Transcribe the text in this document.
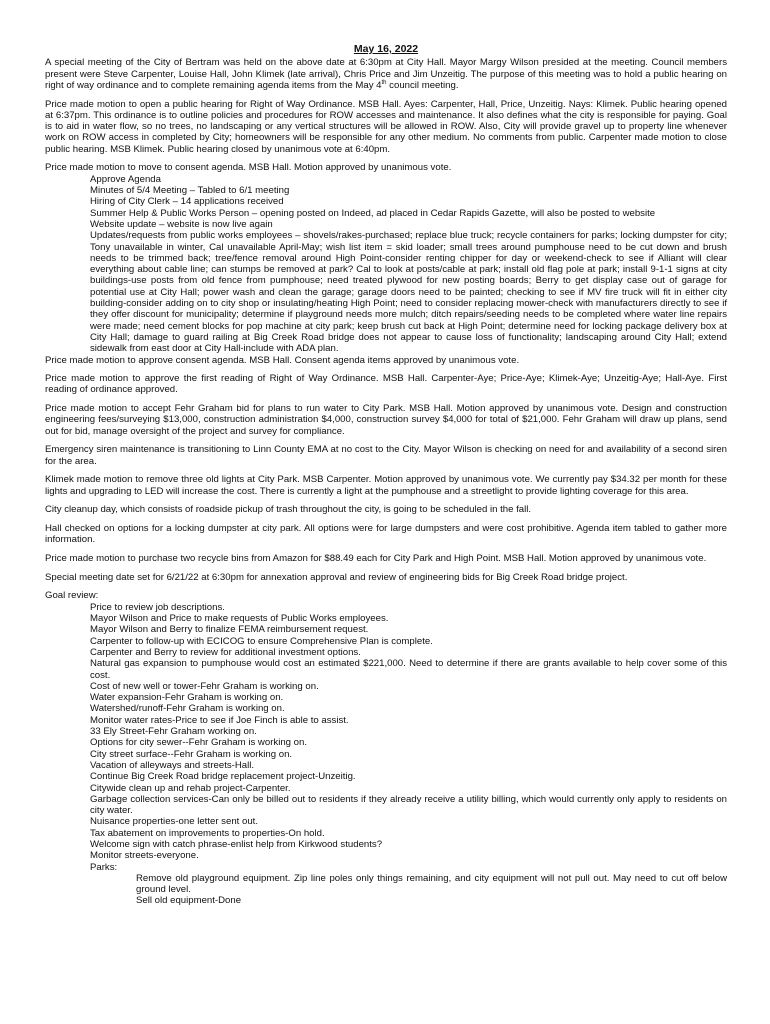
May 16, 2022

A special meeting of the City of Bertram was held on the above date at 6:30pm at City Hall. Mayor Margy Wilson presided at the meeting. Council members present were Steve Carpenter, Louise Hall, John Klimek (late arrival), Chris Price and Jim Unzeitig. The purpose of this meeting was to hold a public hearing on right of way ordinance and to complete remaining agenda items from the May 4th council meeting.

Price made motion to open a public hearing for Right of Way Ordinance. MSB Hall. Ayes: Carpenter, Hall, Price, Unzeitig. Nays: Klimek. Public hearing opened at 6:37pm. This ordinance is to outline policies and procedures for ROW accesses and maintenance. It also defines what the city is responsible for paying. Goal is to aid in water flow, so no trees, no landscaping or any vertical structures will be allowed in ROW. Also, City will provide gravel up to property line whenever work on ROW access in completed by City; homeowners will be responsible for any other medium. No comments from public. Carpenter made motion to close public hearing. MSB Klimek. Public hearing closed by unanimous vote at 6:40pm.

Price made motion to move to consent agenda. MSB Hall. Motion approved by unanimous vote.

Approve Agenda
Minutes of 5/4 Meeting – Tabled to 6/1 meeting
Hiring of City Clerk – 14 applications received
Summer Help & Public Works Person – opening posted on Indeed, ad placed in Cedar Rapids Gazette, will also be posted to website
Website update – website is now live again
Updates/requests from public works employees – shovels/rakes-purchased; replace blue truck; recycle containers for parks; locking dumpster for city; Tony unavailable in winter, Cal unavailable April-May; wish list item = skid loader; small trees around pumphouse need to be cut down and brush needs to be trimmed back; tree/fence removal around High Point-consider renting chipper for day or weekend-check to see if Alliant will clear everything about cable line; can stumps be removed at park? Cal to look at posts/cable at park; install old flag pole at park; install 9-1-1 signs at city buildings-use posts from old fence from pumphouse; need treated plywood for new posting boards; Berry to get display case out of garage for potential use at City Hall; power wash and clean the garage; garage doors need to be painted; checking to see if MV fire truck will fit in either city building-consider adding on to city shop or insulating/heating High Point; need to consider replacing mower-check with manufacturers directly to see if they offer discount for municipality; determine if playground needs more mulch; ditch repairs/seeding needs to be completed where water line repairs were made; need cement blocks for pop machine at city park; keep brush cut back at High Point; determine need for locking package delivery box at City Hall; damage to guard railing at Big Creek Road bridge does not appear to cause loss of functionality; landscaping around City Hall; extend sidewalk from east door at City Hall-include with ADA plan.

Price made motion to approve consent agenda. MSB Hall. Consent agenda items approved by unanimous vote.

Price made motion to approve the first reading of Right of Way Ordinance. MSB Hall. Carpenter-Aye; Price-Aye; Klimek-Aye; Unzeitig-Aye; Hall-Aye. First reading of ordinance approved.

Price made motion to accept Fehr Graham bid for plans to run water to City Park. MSB Hall. Motion approved by unanimous vote. Design and construction engineering fees/surveying $13,000, construction administration $4,000, construction survey $4,000 for total of $21,000. Fehr Graham will draw up plans, send out for bid, manage oversight of the project and survey for compliance.

Emergency siren maintenance is transitioning to Linn County EMA at no cost to the City. Mayor Wilson is checking on need for and availability of a second siren for the area.

Klimek made motion to remove three old lights at City Park. MSB Carpenter. Motion approved by unanimous vote. We currently pay $34.32 per month for these lights and upgrading to LED will increase the cost. There is currently a light at the pumphouse and a streetlight to provide lighting coverage for this area.

City cleanup day, which consists of roadside pickup of trash throughout the city, is going to be scheduled in the fall.

Hall checked on options for a locking dumpster at city park. All options were for large dumpsters and were cost prohibitive. Agenda item tabled to gather more information.

Price made motion to purchase two recycle bins from Amazon for $88.49 each for City Park and High Point. MSB Hall. Motion approved by unanimous vote.

Special meeting date set for 6/21/22 at 6:30pm for annexation approval and review of engineering bids for Big Creek Road bridge project.

Goal review:

Price to review job descriptions.
Mayor Wilson and Price to make requests of Public Works employees.
Mayor Wilson and Berry to finalize FEMA reimbursement request.
Carpenter to follow-up with ECICOG to ensure Comprehensive Plan is complete.
Carpenter and Berry to review for additional investment options.
Natural gas expansion to pumphouse would cost an estimated $221,000. Need to determine if there are grants available to help cover some of this cost.
Cost of new well or tower-Fehr Graham is working on.
Water expansion-Fehr Graham is working on.
Watershed/runoff-Fehr Graham is working on.
Monitor water rates-Price to see if Joe Finch is able to assist.
33 Ely Street-Fehr Graham working on.
Options for city sewer--Fehr Graham is working on.
City street surface--Fehr Graham is working on.
Vacation of alleyways and streets-Hall.
Continue Big Creek Road bridge replacement project-Unzeitig.
Citywide clean up and rehab project-Carpenter.
Garbage collection services-Can only be billed out to residents if they already receive a utility billing, which would currently only apply to residents on city water.
Nuisance properties-one letter sent out.
Tax abatement on improvements to properties-On hold.
Welcome sign with catch phrase-enlist help from Kirkwood students?
Monitor streets-everyone.
Parks:
Remove old playground equipment. Zip line poles only things remaining, and city equipment will not pull out. May need to cut off below ground level.
Sell old equipment-Done
